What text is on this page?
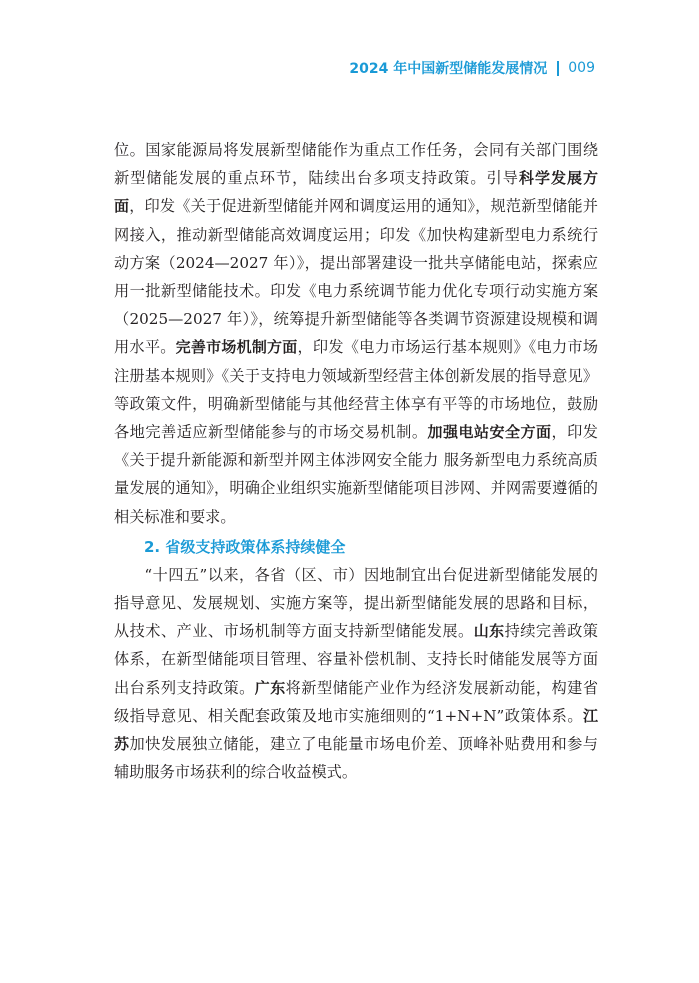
2024 年中国新型储能发展情况 009

位。国家能源局将发展新型储能作为重点工作任务，会同有关部门围绕新型储能发展的重点环节，陆续出台多项支持政策。引导科学发展方面，印发《关于促进新型储能并网和调度运用的通知》，规范新型储能并网接入，推动新型储能高效调度运用；印发《加快构建新型电力系统行动方案（2024—2027 年）》，提出部署建设一批共享储能电站，探索应用一批新型储能技术。印发《电力系统调节能力优化专项行动实施方案（2025—2027 年）》，统筹提升新型储能等各类调节资源建设规模和调用水平。完善市场机制方面，印发《电力市场运行基本规则》《电力市场注册基本规则》《关于支持电力领域新型经营主体创新发展的指导意见》等政策文件，明确新型储能与其他经营主体享有平等的市场地位，鼓励各地完善适应新型储能参与的市场交易机制。加强电站安全方面，印发《关于提升新能源和新型并网主体涉网安全能力 服务新型电力系统高质量发展的通知》，明确企业组织实施新型储能项目涉网、并网需要遵循的相关标准和要求。

2. 省级支持政策体系持续健全

“十四五”以来，各省（区、市）因地制宜出台促进新型储能发展的指导意见、发展规划、实施方案等，提出新型储能发展的思路和目标，从技术、产业、市场机制等方面支持新型储能发展。山东持续完善政策体系，在新型储能项目管理、容量补偿机制、支持长时储能发展等方面出台系列支持政策。广东将新型储能产业作为经济发展新动能，构建省级指导意见、相关配套政策及地市实施细则的“1+N+N”政策体系。江苏加快发展独立储能，建立了电能量市场电价差、顶峰补贴费用和参与辅助服务市场获利的综合收益模式。
